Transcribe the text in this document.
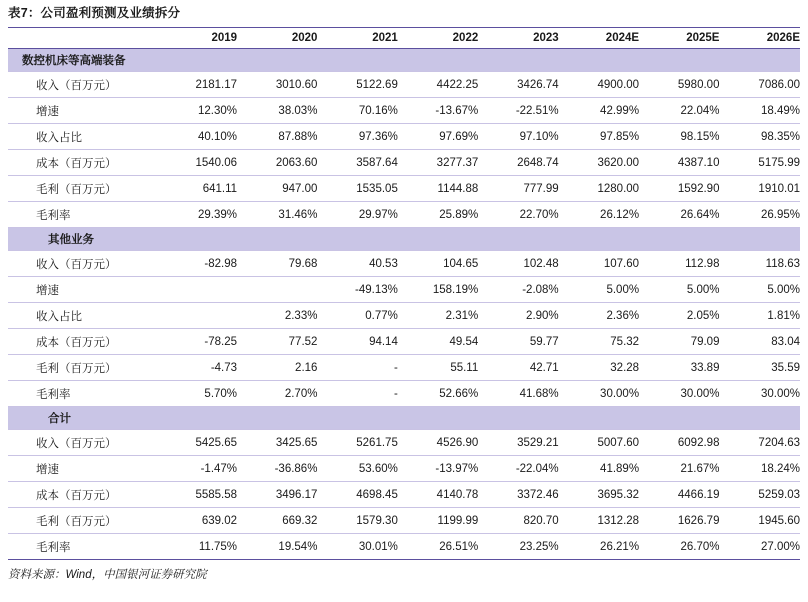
表7：公司盈利预测及业绩拆分
	2019	2020	2021	2022	2023	2024E	2025E	2026E
数控机床等高端装备								
收入（百万元）	2181.17	3010.60	5122.69	4422.25	3426.74	4900.00	5980.00	7086.00
增速	12.30%	38.03%	70.16%	-13.67%	-22.51%	42.99%	22.04%	18.49%
收入占比	40.10%	87.88%	97.36%	97.69%	97.10%	97.85%	98.15%	98.35%
成本（百万元）	1540.06	2063.60	3587.64	3277.37	2648.74	3620.00	4387.10	5175.99
毛利（百万元）	641.11	947.00	1535.05	1144.88	777.99	1280.00	1592.90	1910.01
毛利率	29.39%	31.46%	29.97%	25.89%	22.70%	26.12%	26.64%	26.95%
其他业务								
收入（百万元）	-82.98	79.68	40.53	104.65	102.48	107.60	112.98	118.63
增速			-49.13%	158.19%	-2.08%	5.00%	5.00%	5.00%
收入占比		2.33%	0.77%	2.31%	2.90%	2.36%	2.05%	1.81%
成本（百万元）	-78.25	77.52	94.14	49.54	59.77	75.32	79.09	83.04
毛利（百万元）	-4.73	2.16	-	55.11	42.71	32.28	33.89	35.59
毛利率	5.70%	2.70%	-	52.66%	41.68%	30.00%	30.00%	30.00%
合计								
收入（百万元）	5425.65	3425.65	5261.75	4526.90	3529.21	5007.60	6092.98	7204.63
增速	-1.47%	-36.86%	53.60%	-13.97%	-22.04%	41.89%	21.67%	18.24%
成本（百万元）	5585.58	3496.17	4698.45	4140.78	3372.46	3695.32	4466.19	5259.03
毛利（百万元）	639.02	669.32	1579.30	1199.99	820.70	1312.28	1626.79	1945.60
毛利率	11.75%	19.54%	30.01%	26.51%	23.25%	26.21%	26.70%	27.00%
资料来源：Wind，中国银河证券研究院
